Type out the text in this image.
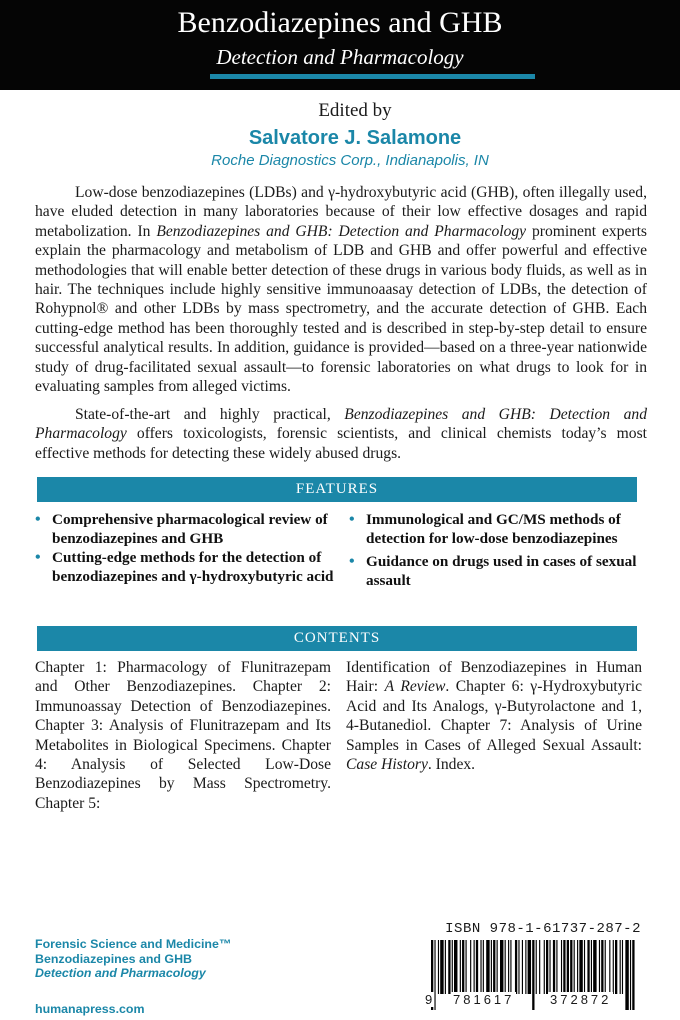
Benzodiazepines and GHB
Detection and Pharmacology
Edited by
Salvatore J. Salamone
Roche Diagnostics Corp., Indianapolis, IN

Low-dose benzodiazepines (LDBs) and γ-hydroxybutyric acid (GHB), often illegally used, have eluded detection in many laboratories because of their low effective dosages and rapid metabolization. In Benzodiazepines and GHB: Detection and Pharmacology prominent experts explain the pharmacology and metabolism of LDB and GHB and offer powerful and effective methodologies that will enable better detection of these drugs in various body fluids, as well as in hair. The techniques include highly sensitive immunoaasay detection of LDBs, the detection of Rohypnol® and other LDBs by mass spectrometry, and the accurate detection of GHB. Each cutting-edge method has been thoroughly tested and is described in step-by-step detail to ensure successful analytical results. In addition, guidance is provided—based on a three-year nationwide study of drug-facilitated sexual assault—to forensic laboratories on what drugs to look for in evaluating samples from alleged victims.

State-of-the-art and highly practical, Benzodiazepines and GHB: Detection and Pharmacology offers toxicologists, forensic scientists, and clinical chemists today’s most effective methods for detecting these widely abused drugs.

FEATURES
• Comprehensive pharmacological review of benzodiazepines and GHB
• Cutting-edge methods for the detection of benzodiazepines and γ-hydroxybutyric acid
• Immunological and GC/MS methods of detection for low-dose benzodiazepines
• Guidance on drugs used in cases of sexual assault
CONTENTS
Chapter 1: Pharmacology of Flunitrazepam and Other Benzodiazepines. Chapter 2: Immunoassay Detection of Benzodiazepines. Chapter 3: Analysis of Flunitrazepam and Its Metabolites in Biological Specimens. Chapter 4: Analysis of Selected Low-Dose Benzodiazepines by Mass Spectrometry. Chapter 5:
Identification of Benzodiazepines in Human Hair: A Review. Chapter 6: γ-Hydroxybutyric Acid and Its Analogs, γ-Butyrolactone and 1, 4-Butanediol. Chapter 7: Analysis of Urine Samples in Cases of Alleged Sexual Assault: Case History. Index.
Forensic Science and Medicine™
Benzodiazepines and GHB
Detection and Pharmacology
humanapress.com
ISBN 978-1-61737-287-2
9 781617	372872
